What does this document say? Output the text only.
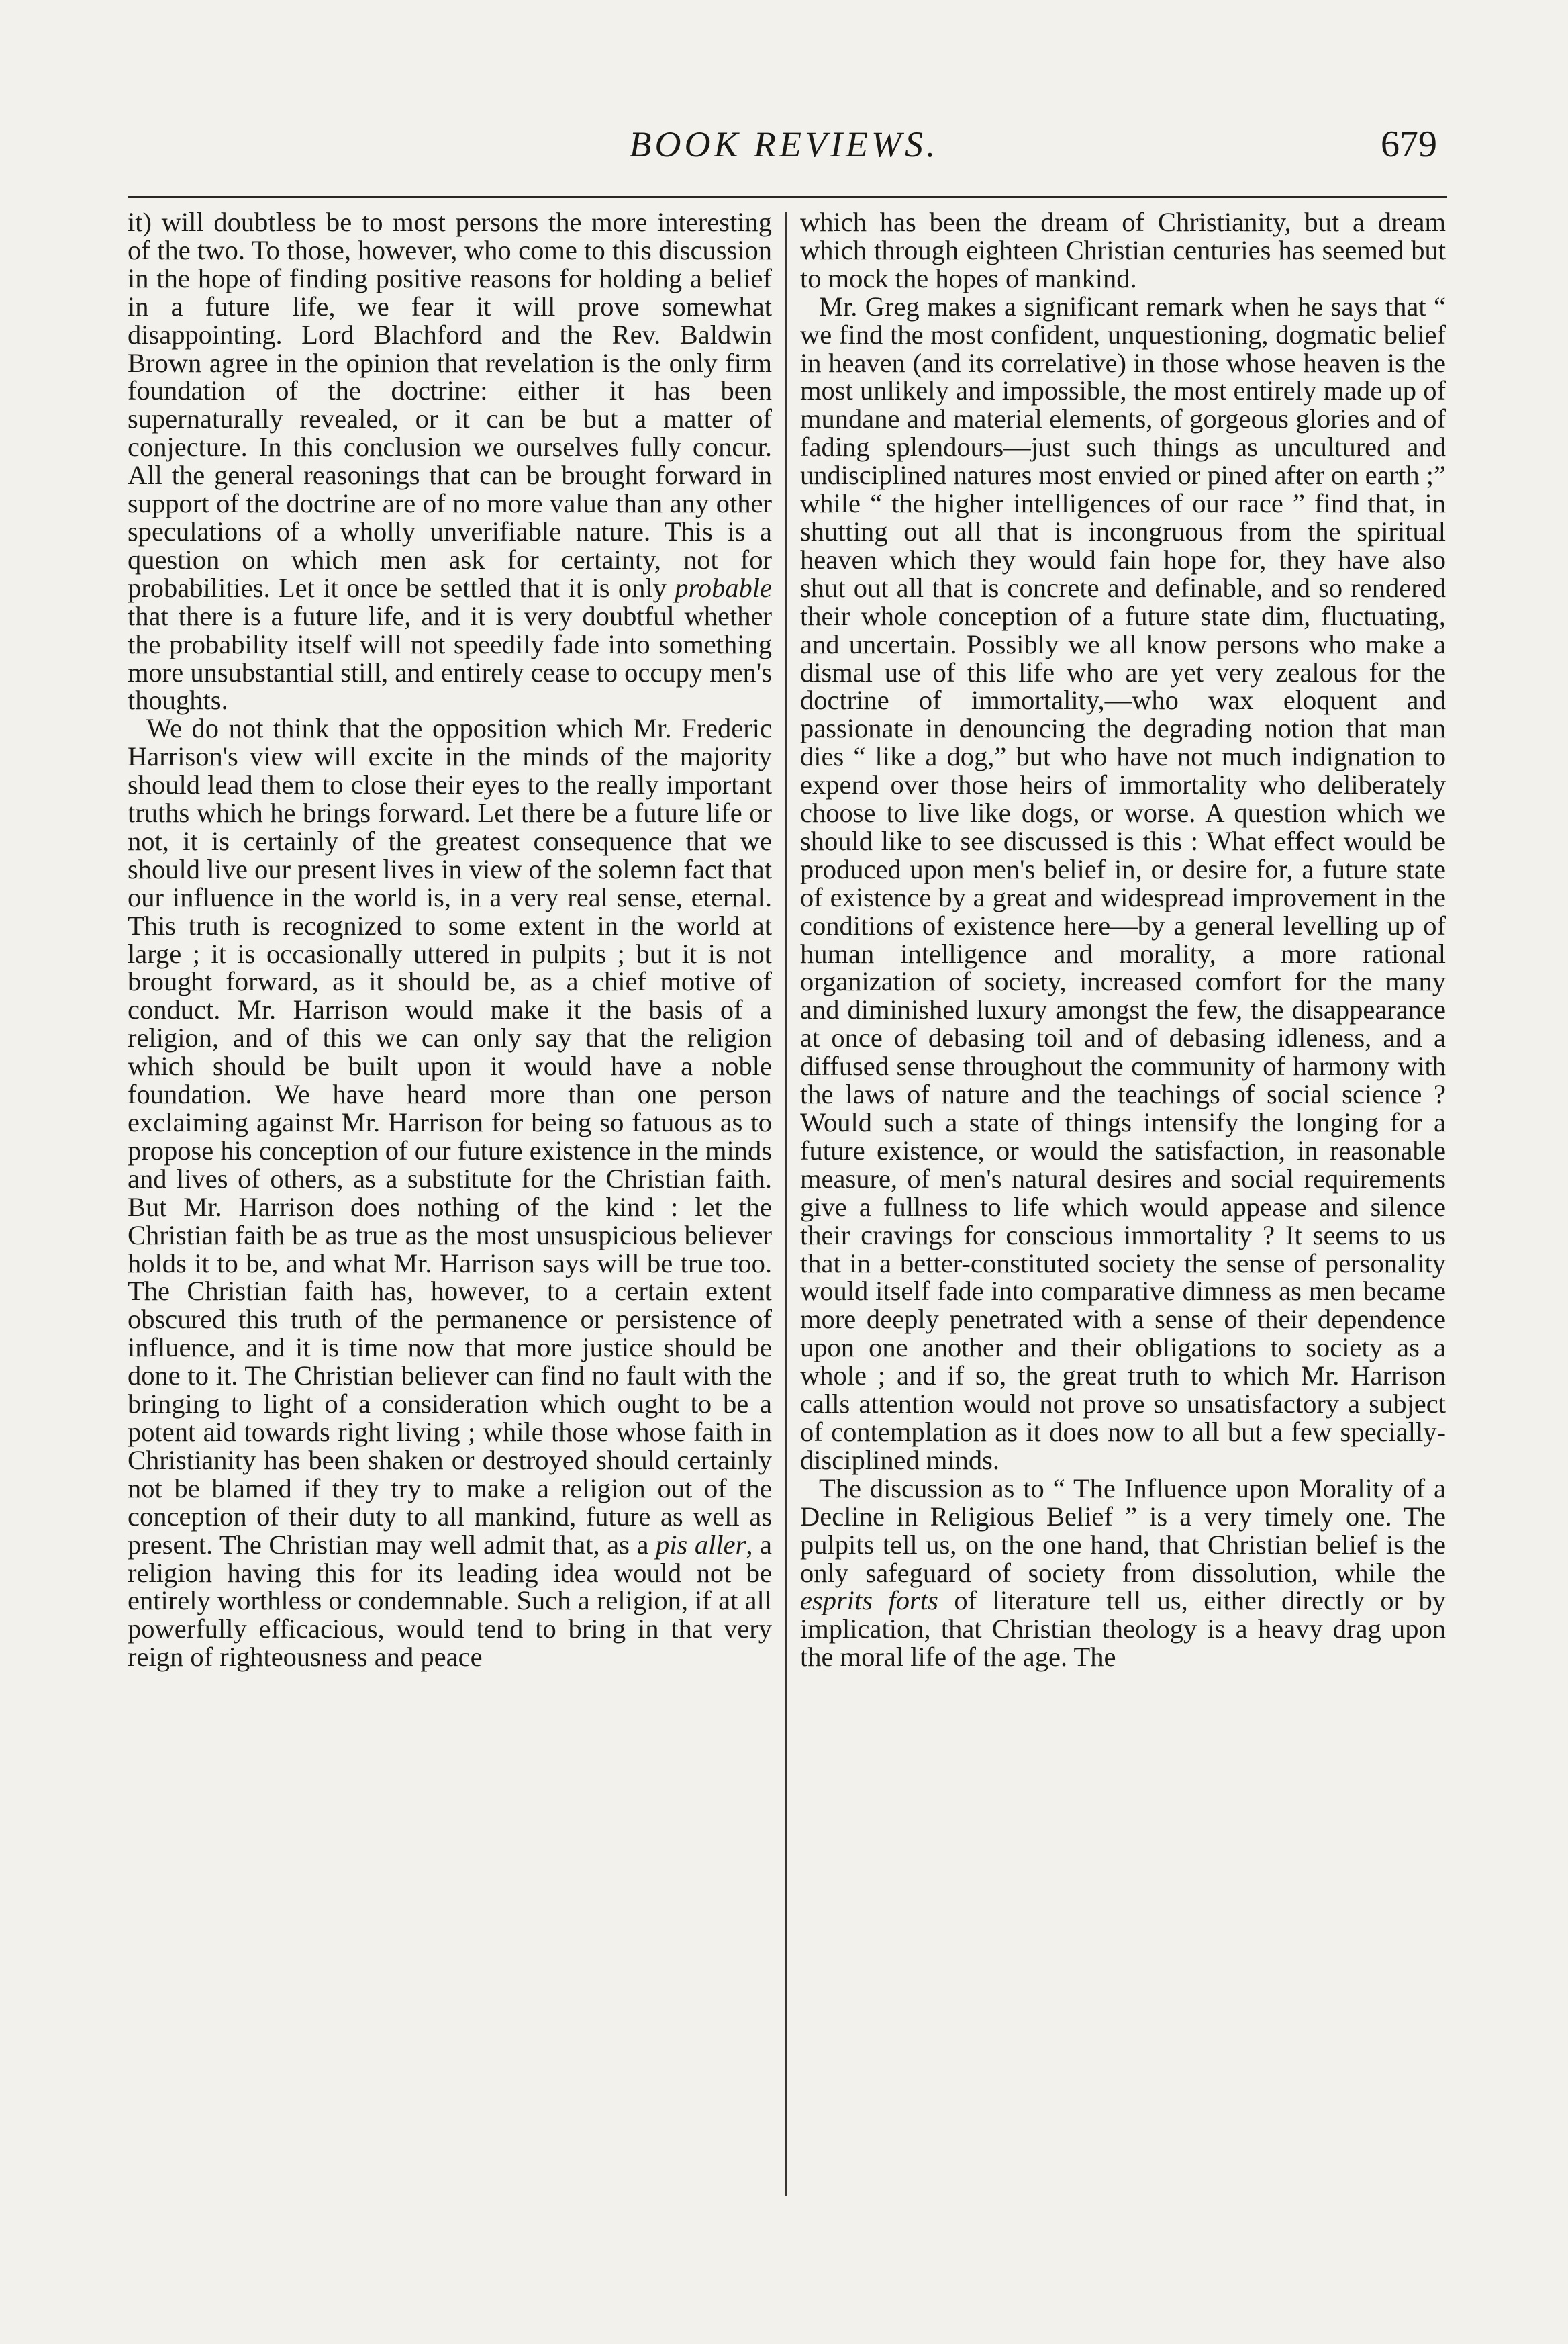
BOOK REVIEWS.	679

it) will doubtless be to most persons the more interesting of the two. To those, however, who come to this discussion in the hope of finding positive reasons for holding a belief in a future life, we fear it will prove somewhat disappointing. Lord Blachford and the Rev. Baldwin Brown agree in the opinion that revelation is the only firm foundation of the doctrine: either it has been supernaturally revealed, or it can be but a matter of conjecture. In this conclusion we ourselves fully concur. All the general reasonings that can be brought forward in support of the doctrine are of no more value than any other speculations of a wholly unverifiable nature. This is a question on which men ask for certainty, not for probabilities. Let it once be settled that it is only probable that there is a future life, and it is very doubtful whether the probability itself will not speedily fade into something more unsubstantial still, and entirely cease to occupy men's thoughts.

We do not think that the opposition which Mr. Frederic Harrison's view will excite in the minds of the majority should lead them to close their eyes to the really important truths which he brings forward. Let there be a future life or not, it is certainly of the greatest consequence that we should live our present lives in view of the solemn fact that our influence in the world is, in a very real sense, eternal. This truth is recognized to some extent in the world at large ; it is occasionally uttered in pulpits ; but it is not brought forward, as it should be, as a chief motive of conduct. Mr. Harrison would make it the basis of a religion, and of this we can only say that the religion which should be built upon it would have a noble foundation. We have heard more than one person exclaiming against Mr. Harrison for being so fatuous as to propose his conception of our future existence in the minds and lives of others, as a substitute for the Christian faith. But Mr. Harrison does nothing of the kind : let the Christian faith be as true as the most unsuspicious believer holds it to be, and what Mr. Harrison says will be true too. The Christian faith has, however, to a certain extent obscured this truth of the permanence or persistence of influence, and it is time now that more justice should be done to it. The Christian believer can find no fault with the bringing to light of a consideration which ought to be a potent aid towards right living ; while those whose faith in Christianity has been shaken or destroyed should certainly not be blamed if they try to make a religion out of the conception of their duty to all mankind, future as well as present. The Christian may well admit that, as a pis aller, a religion having this for its leading idea would not be entirely worthless or condemnable. Such a religion, if at all powerfully efficacious, would tend to bring in that very reign of righteousness and peace

which has been the dream of Christianity, but a dream which through eighteen Christian centuries has seemed but to mock the hopes of mankind.

Mr. Greg makes a significant remark when he says that “ we find the most confident, unquestioning, dogmatic belief in heaven (and its correlative) in those whose heaven is the most unlikely and impossible, the most entirely made up of mundane and material elements, of gorgeous glories and of fading splendours—just such things as uncultured and undisciplined natures most envied or pined after on earth ;” while “ the higher intelligences of our race ” find that, in shutting out all that is incongruous from the spiritual heaven which they would fain hope for, they have also shut out all that is concrete and definable, and so rendered their whole conception of a future state dim, fluctuating, and uncertain. Possibly we all know persons who make a dismal use of this life who are yet very zealous for the doctrine of immortality,—who wax eloquent and passionate in denouncing the degrading notion that man dies “ like a dog,” but who have not much indignation to expend over those heirs of immortality who deliberately choose to live like dogs, or worse. A question which we should like to see discussed is this : What effect would be produced upon men's belief in, or desire for, a future state of existence by a great and widespread improvement in the conditions of existence here—by a general levelling up of human intelligence and morality, a more rational organization of society, increased comfort for the many and diminished luxury amongst the few, the disappearance at once of debasing toil and of debasing idleness, and a diffused sense throughout the community of harmony with the laws of nature and the teachings of social science ? Would such a state of things intensify the longing for a future existence, or would the satisfaction, in reasonable measure, of men's natural desires and social requirements give a fullness to life which would appease and silence their cravings for conscious immortality ? It seems to us that in a better-constituted society the sense of personality would itself fade into comparative dimness as men became more deeply penetrated with a sense of their dependence upon one another and their obligations to society as a whole ; and if so, the great truth to which Mr. Harrison calls attention would not prove so unsatisfactory a subject of contemplation as it does now to all but a few specially-disciplined minds.

The discussion as to “ The Influence upon Morality of a Decline in Religious Belief ” is a very timely one. The pulpits tell us, on the one hand, that Christian belief is the only safeguard of society from dissolution, while the esprits forts of literature tell us, either directly or by implication, that Christian theology is a heavy drag upon the moral life of the age. The
